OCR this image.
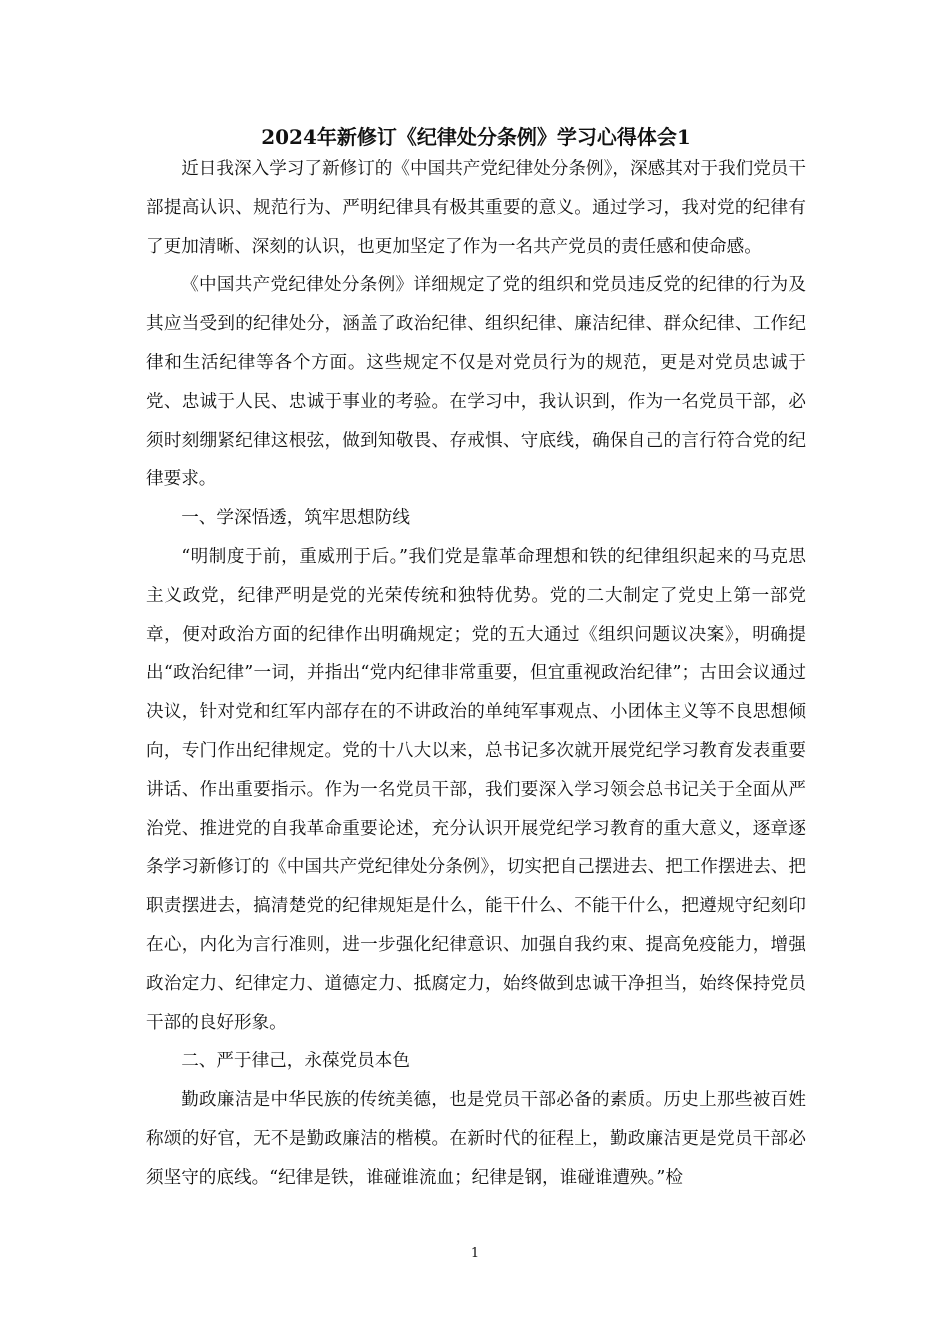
2024年新修订《纪律处分条例》学习心得体会1

近日我深入学习了新修订的《中国共产党纪律处分条例》，深感其对于我们党员干部提高认识、规范行为、严明纪律具有极其重要的意义。通过学习，我对党的纪律有了更加清晰、深刻的认识，也更加坚定了作为一名共产党员的责任感和使命感。

《中国共产党纪律处分条例》详细规定了党的组织和党员违反党的纪律的行为及其应当受到的纪律处分，涵盖了政治纪律、组织纪律、廉洁纪律、群众纪律、工作纪律和生活纪律等各个方面。这些规定不仅是对党员行为的规范，更是对党员忠诚于党、忠诚于人民、忠诚于事业的考验。在学习中，我认识到，作为一名党员干部，必须时刻绷紧纪律这根弦，做到知敬畏、存戒惧、守底线，确保自己的言行符合党的纪律要求。

一、学深悟透，筑牢思想防线

“明制度于前，重威刑于后。”我们党是靠革命理想和铁的纪律组织起来的马克思主义政党，纪律严明是党的光荣传统和独特优势。党的二大制定了党史上第一部党章，便对政治方面的纪律作出明确规定；党的五大通过《组织问题议决案》，明确提出“政治纪律”一词，并指出“党内纪律非常重要，但宜重视政治纪律”；古田会议通过决议，针对党和红军内部存在的不讲政治的单纯军事观点、小团体主义等不良思想倾向，专门作出纪律规定。党的十八大以来，总书记多次就开展党纪学习教育发表重要讲话、作出重要指示。作为一名党员干部，我们要深入学习领会总书记关于全面从严治党、推进党的自我革命重要论述，充分认识开展党纪学习教育的重大意义，逐章逐条学习新修订的《中国共产党纪律处分条例》，切实把自己摆进去、把工作摆进去、把职责摆进去，搞清楚党的纪律规矩是什么，能干什么、不能干什么，把遵规守纪刻印在心，内化为言行准则，进一步强化纪律意识、加强自我约束、提高免疫能力，增强政治定力、纪律定力、道德定力、抵腐定力，始终做到忠诚干净担当，始终保持党员干部的良好形象。

二、严于律己，永葆党员本色

勤政廉洁是中华民族的传统美德，也是党员干部必备的素质。历史上那些被百姓称颂的好官，无不是勤政廉洁的楷模。在新时代的征程上，勤政廉洁更是党员干部必须坚守的底线。“纪律是铁，谁碰谁流血；纪律是钢，谁碰谁遭殃。”检

1
